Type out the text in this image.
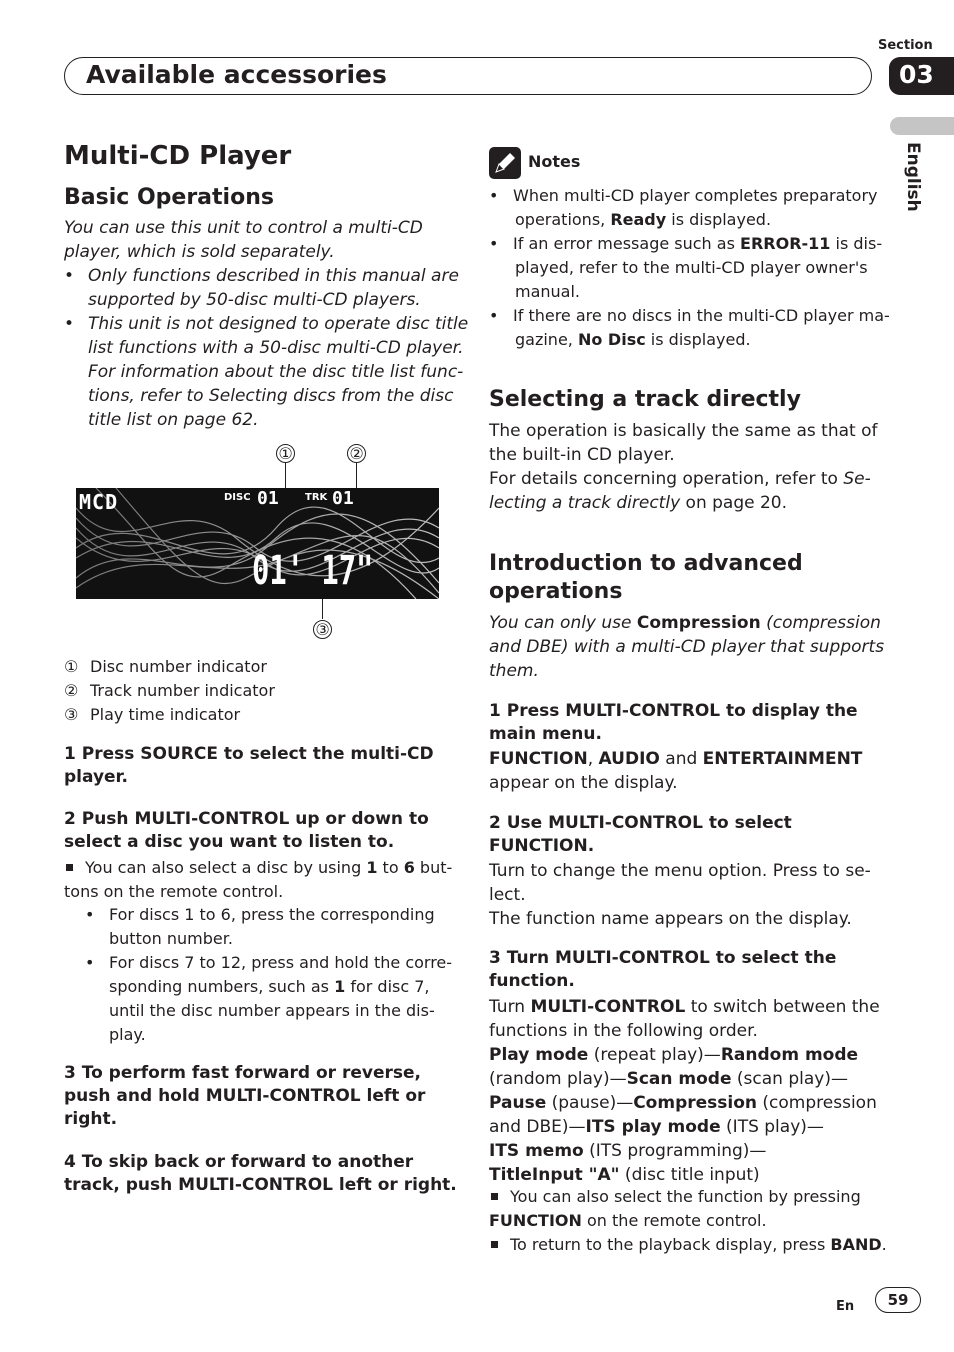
Section
Available accessories	03
English
Multi-CD Player
Basic Operations
You can use this unit to control a multi-CD
player, which is sold separately.
• Only functions described in this manual are
supported by 50-disc multi-CD players.
• This unit is not designed to operate disc title
list functions with a 50-disc multi-CD player.
For information about the disc title list func-
tions, refer to Selecting discs from the disc
title list on page 62.
①	②
MCD	DISC 01	TRK 01
01' 17"
③
① Disc number indicator
② Track number indicator
③ Play time indicator
1 Press SOURCE to select the multi-CD
player.
2 Push MULTI-CONTROL up or down to
select a disc you want to listen to.
You can also select a disc by using 1 to 6 but-
tons on the remote control.
• For discs 1 to 6, press the corresponding
button number.
• For discs 7 to 12, press and hold the corre-
sponding numbers, such as 1 for disc 7,
until the disc number appears in the dis-
play.
3 To perform fast forward or reverse,
push and hold MULTI-CONTROL left or
right.
4 To skip back or forward to another
track, push MULTI-CONTROL left or right.
Notes
• When multi-CD player completes preparatory
operations, Ready is displayed.
• If an error message such as ERROR-11 is dis-
played, refer to the multi-CD player owner's
manual.
• If there are no discs in the multi-CD player ma-
gazine, No Disc is displayed.
Selecting a track directly
The operation is basically the same as that of
the built-in CD player.
For details concerning operation, refer to Se-
lecting a track directly on page 20.
Introduction to advanced
operations
You can only use Compression (compression
and DBE) with a multi-CD player that supports
them.
1 Press MULTI-CONTROL to display the
main menu.
FUNCTION, AUDIO and ENTERTAINMENT
appear on the display.
2 Use MULTI-CONTROL to select
FUNCTION.
Turn to change the menu option. Press to se-
lect.
The function name appears on the display.
3 Turn MULTI-CONTROL to select the
function.
Turn MULTI-CONTROL to switch between the
functions in the following order.
Play mode (repeat play)—Random mode
(random play)—Scan mode (scan play)—
Pause (pause)—Compression (compression
and DBE)—ITS play mode (ITS play)—
ITS memo (ITS programming)—
TitleInput "A" (disc title input)
You can also select the function by pressing
FUNCTION on the remote control.
To return to the playback display, press BAND.
En	59
